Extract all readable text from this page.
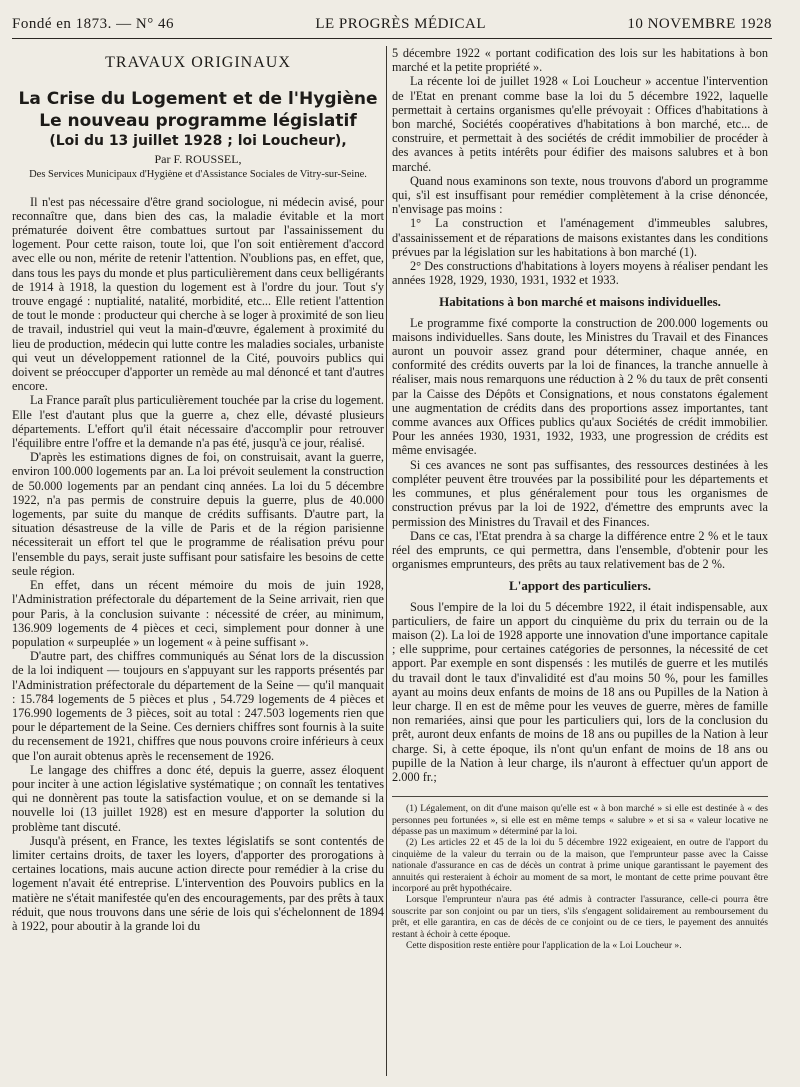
Fondé en 1873. — N° 46	LE PROGRÈS MÉDICAL	10 NOVEMBRE 1928
TRAVAUX ORIGINAUX
La Crise du Logement et de l'Hygiène
Le nouveau programme législatif
(Loi du 13 juillet 1928 ; loi Loucheur),
Par F. ROUSSEL,
Des Services Municipaux d'Hygiène et d'Assistance Sociales de Vitry-sur-Seine.

Il n'est pas nécessaire d'être grand sociologue, ni médecin avisé, pour reconnaître que, dans bien des cas, la maladie évitable et la mort prématurée doivent être combattues surtout par l'assainissement du logement. Pour cette raison, toute loi, que l'on soit entièrement d'accord avec elle ou non, mérite de retenir l'attention. N'oublions pas, en effet, que, dans tous les pays du monde et plus particulièrement dans ceux belligérants de 1914 à 1918, la question du logement est à l'ordre du jour. Tout s'y trouve engagé : nuptialité, natalité, morbidité, etc... Elle retient l'attention de tout le monde : producteur qui cherche à se loger à proximité de son lieu de travail, industriel qui veut la main-d'œuvre, également à proximité du lieu de production, médecin qui lutte contre les maladies sociales, urbaniste qui veut un développement rationnel de la Cité, pouvoirs publics qui doivent se préoccuper d'apporter un remède au mal dénoncé et tant d'autres encore.

La France paraît plus particulièrement touchée par la crise du logement. Elle l'est d'autant plus que la guerre a, chez elle, dévasté plusieurs départements. L'effort qu'il était nécessaire d'accomplir pour retrouver l'équilibre entre l'offre et la demande n'a pas été, jusqu'à ce jour, réalisé.

D'après les estimations dignes de foi, on construisait, avant la guerre, environ 100.000 logements par an. La loi prévoit seulement la construction de 50.000 logements par an pendant cinq années. La loi du 5 décembre 1922, n'a pas permis de construire depuis la guerre, plus de 40.000 logements, par suite du manque de crédits suffisants. D'autre part, la situation désastreuse de la ville de Paris et de la région parisienne nécessiterait un effort tel que le programme de réalisation prévu pour l'ensemble du pays, serait juste suffisant pour satisfaire les besoins de cette seule région.

En effet, dans un récent mémoire du mois de juin 1928, l'Administration préfectorale du département de la Seine arrivait, rien que pour Paris, à la conclusion suivante : nécessité de créer, au minimum, 136.909 logements de 4 pièces et ceci, simplement pour donner à une population « surpeuplée » un logement « à peine suffisant ».

D'autre part, des chiffres communiqués au Sénat lors de la discussion de la loi indiquent — toujours en s'appuyant sur les rapports présentés par l'Administration préfectorale du département de la Seine — qu'il manquait : 15.784 logements de 5 pièces et plus , 54.729 logements de 4 pièces et 176.990 logements de 3 pièces, soit au total : 247.503 logements rien que pour le département de la Seine. Ces derniers chiffres sont fournis à la suite du recensement de 1921, chiffres que nous pouvons croire inférieurs à ceux que l'on aurait obtenus après le recensement de 1926.

Le langage des chiffres a donc été, depuis la guerre, assez éloquent pour inciter à une action législative systématique ; on connaît les tentatives qui ne donnèrent pas toute la satisfaction voulue, et on se demande si la nouvelle loi (13 juillet 1928) est en mesure d'apporter la solution du problème tant discuté.

Jusqu'à présent, en France, les textes législatifs se sont contentés de limiter certains droits, de taxer les loyers, d'apporter des prorogations à certaines locations, mais aucune action directe pour remédier à la crise du logement n'avait été entreprise. L'intervention des Pouvoirs publics en la matière ne s'était manifestée qu'en des encouragements, par des prêts à taux réduit, que nous trouvons dans une série de lois qui s'échelonnent de 1894 à 1922, pour aboutir à la grande loi du

5 décembre 1922 « portant codification des lois sur les habitations à bon marché et la petite propriété ».

La récente loi de juillet 1928 « Loi Loucheur » accentue l'intervention de l'Etat en prenant comme base la loi du 5 décembre 1922, laquelle permettait à certains organismes qu'elle prévoyait : Offices d'habitations à bon marché, Sociétés coopératives d'habitations à bon marché, etc... de construire, et permettait à des sociétés de crédit immobilier de procéder à des avances à petits intérêts pour édifier des maisons salubres et à bon marché.

Quand nous examinons son texte, nous trouvons d'abord un programme qui, s'il est insuffisant pour remédier complètement à la crise dénoncée, n'envisage pas moins :

1° La construction et l'aménagement d'immeubles salubres, d'assainissement et de réparations de maisons existantes dans les conditions prévues par la législation sur les habitations à bon marché (1).

2° Des constructions d'habitations à loyers moyens à réaliser pendant les années 1928, 1929, 1930, 1931, 1932 et 1933.

Habitations à bon marché et maisons individuelles.

Le programme fixé comporte la construction de 200.000 logements ou maisons individuelles. Sans doute, les Ministres du Travail et des Finances auront un pouvoir assez grand pour déterminer, chaque année, en conformité des crédits ouverts par la loi de finances, la tranche annuelle à réaliser, mais nous remarquons une réduction à 2 % du taux de prêt consenti par la Caisse des Dépôts et Consignations, et nous constatons également une augmentation de crédits dans des proportions assez importantes, tant comme avances aux Offices publics qu'aux Sociétés de crédit immobilier. Pour les années 1930, 1931, 1932, 1933, une progression de crédits est même envisagée.

Si ces avances ne sont pas suffisantes, des ressources destinées à les compléter peuvent être trouvées par la possibilité pour les départements et les communes, et plus généralement pour tous les organismes de construction prévus par la loi de 1922, d'émettre des emprunts avec la permission des Ministres du Travail et des Finances.

Dans ce cas, l'Etat prendra à sa charge la différence entre 2 % et le taux réel des emprunts, ce qui permettra, dans l'ensemble, d'obtenir pour les organismes emprunteurs, des prêts au taux relativement bas de 2 %.

L'apport des particuliers.

Sous l'empire de la loi du 5 décembre 1922, il était indispensable, aux particuliers, de faire un apport du cinquième du prix du terrain ou de la maison (2). La loi de 1928 apporte une innovation d'une importance capitale ; elle supprime, pour certaines catégories de personnes, la nécessité de cet apport. Par exemple en sont dispensés : les mutilés de guerre et les mutilés du travail dont le taux d'invalidité est d'au moins 50 %, pour les familles ayant au moins deux enfants de moins de 18 ans ou Pupilles de la Nation à leur charge. Il en est de même pour les veuves de guerre, mères de famille non remariées, ainsi que pour les particuliers qui, lors de la conclusion du prêt, auront deux enfants de moins de 18 ans ou pupilles de la Nation à leur charge. Si, à cette époque, ils n'ont qu'un enfant de moins de 18 ans ou pupille de la Nation à leur charge, ils n'auront à effectuer qu'un apport de 2.000 fr.;

(1) Légalement, on dit d'une maison qu'elle est « à bon marché » si elle est destinée à « des personnes peu fortunées », si elle est en même temps « salubre » et si sa « valeur locative ne dépasse pas un maximum » déterminé par la loi.

(2) Les articles 22 et 45 de la loi du 5 décembre 1922 exigeaient, en outre de l'apport du cinquième de la valeur du terrain ou de la maison, que l'emprunteur passe avec la Caisse nationale d'assurance en cas de décès un contrat à prime unique garantissant le payement des annuités qui resteraient à échoir au moment de sa mort, le montant de cette prime pouvant être incorporé au prêt hypothécaire.

Lorsque l'emprunteur n'aura pas été admis à contracter l'assurance, celle-ci pourra être souscrite par son conjoint ou par un tiers, s'ils s'engagent solidairement au remboursement du prêt, et elle garantira, en cas de décès de ce conjoint ou de ce tiers, le payement des annuités restant à échoir à cette époque.

Cette disposition reste entière pour l'application de la « Loi Loucheur ».
